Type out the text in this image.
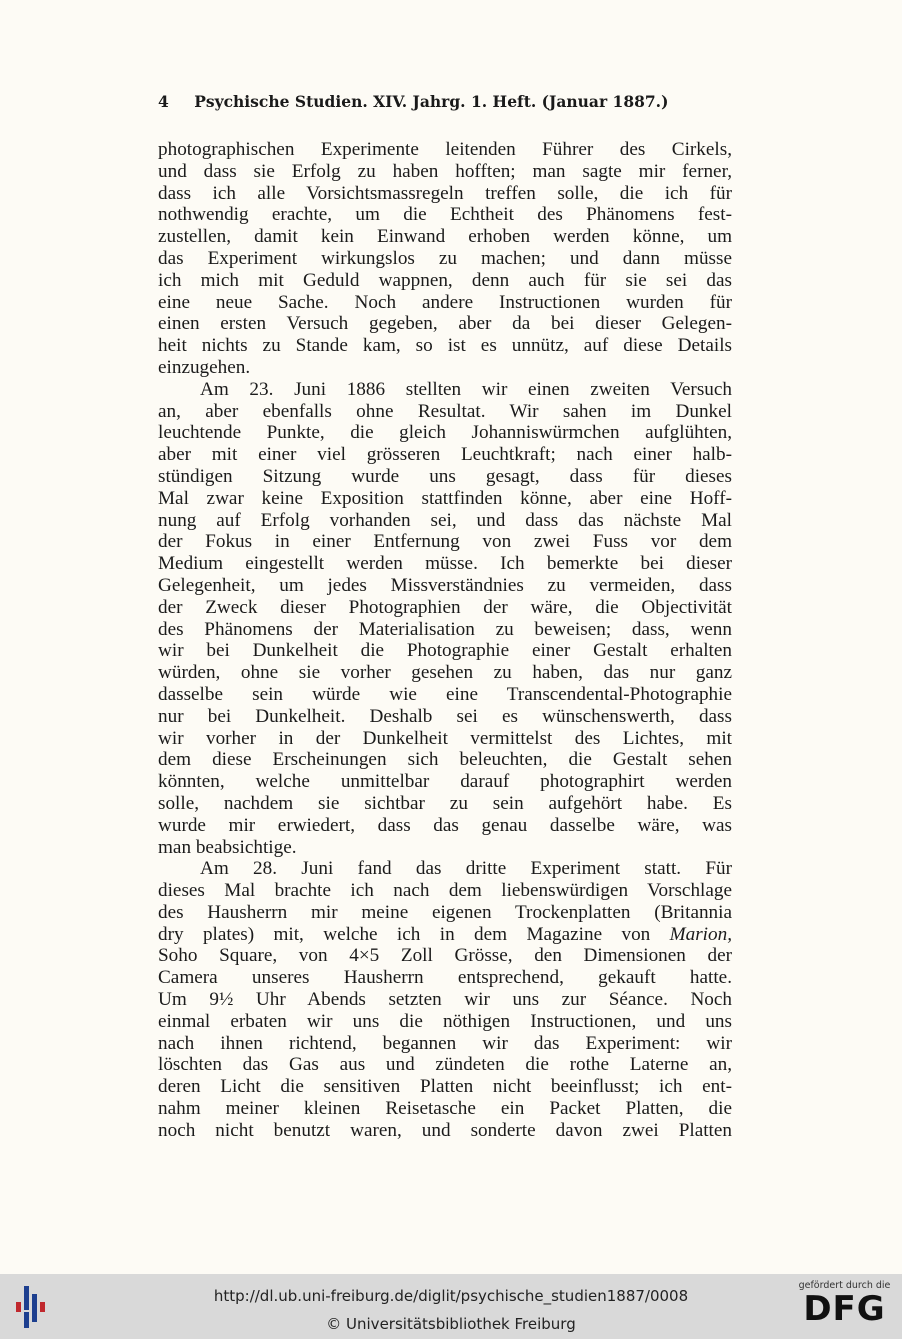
4 Psychische Studien. XIV. Jahrg. 1. Heft. (Januar 1887.)
photographischen Experimente leitenden Führer des Cirkels,
und dass sie Erfolg zu haben hofften; man sagte mir ferner,
dass ich alle Vorsichtsmassregeln treffen solle, die ich für
nothwendig erachte, um die Echtheit des Phänomens fest-
zustellen, damit kein Einwand erhoben werden könne, um
das Experiment wirkungslos zu machen; und dann müsse
ich mich mit Geduld wappnen, denn auch für sie sei das
eine neue Sache. Noch andere Instructionen wurden für
einen ersten Versuch gegeben, aber da bei dieser Gelegen-
heit nichts zu Stande kam, so ist es unnütz, auf diese Details
einzugehen.
Am 23. Juni 1886 stellten wir einen zweiten Versuch
an, aber ebenfalls ohne Resultat. Wir sahen im Dunkel
leuchtende Punkte, die gleich Johanniswürmchen aufglühten,
aber mit einer viel grösseren Leuchtkraft; nach einer halb-
stündigen Sitzung wurde uns gesagt, dass für dieses
Mal zwar keine Exposition stattfinden könne, aber eine Hoff-
nung auf Erfolg vorhanden sei, und dass das nächste Mal
der Fokus in einer Entfernung von zwei Fuss vor dem
Medium eingestellt werden müsse. Ich bemerkte bei dieser
Gelegenheit, um jedes Missverständnies zu vermeiden, dass
der Zweck dieser Photographien der wäre, die Objectivität
des Phänomens der Materialisation zu beweisen; dass, wenn
wir bei Dunkelheit die Photographie einer Gestalt erhalten
würden, ohne sie vorher gesehen zu haben, das nur ganz
dasselbe sein würde wie eine Transcendental-Photographie
nur bei Dunkelheit. Deshalb sei es wünschenswerth, dass
wir vorher in der Dunkelheit vermittelst des Lichtes, mit
dem diese Erscheinungen sich beleuchten, die Gestalt sehen
könnten, welche unmittelbar darauf photographirt werden
solle, nachdem sie sichtbar zu sein aufgehört habe. Es
wurde mir erwiedert, dass das genau dasselbe wäre, was
man beabsichtige.
Am 28. Juni fand das dritte Experiment statt. Für
dieses Mal brachte ich nach dem liebenswürdigen Vorschlage
des Hausherrn mir meine eigenen Trockenplatten (Britannia
dry plates) mit, welche ich in dem Magazine von Marion,
Soho Square, von 4×5 Zoll Grösse, den Dimensionen der
Camera unseres Hausherrn entsprechend, gekauft hatte.
Um 9½ Uhr Abends setzten wir uns zur Séance. Noch
einmal erbaten wir uns die nöthigen Instructionen, und uns
nach ihnen richtend, begannen wir das Experiment: wir
löschten das Gas aus und zündeten die rothe Laterne an,
deren Licht die sensitiven Platten nicht beeinflusst; ich ent-
nahm meiner kleinen Reisetasche ein Packet Platten, die
noch nicht benutzt waren, und sonderte davon zwei Platten
http://dl.ub.uni-freiburg.de/diglit/psychische_studien1887/0008
© Universitätsbibliothek Freiburg
gefördert durch die
DFG
